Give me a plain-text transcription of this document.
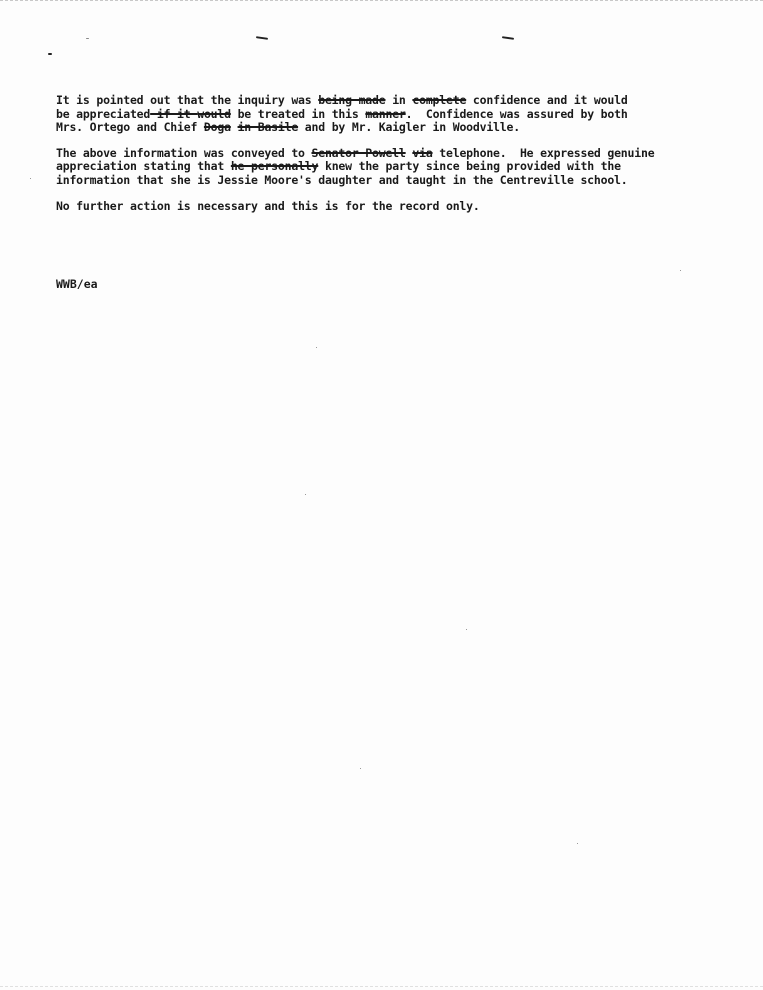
It is pointed out that the inquiry was being made in complete confidence and it would
be appreciated if it would be treated in this manner.  Confidence was assured by both
Mrs. Ortego and Chief Doga in Basile and by Mr. Kaigler in Woodville.
The above information was conveyed to Senator Powell via telephone.  He expressed genuine
appreciation stating that he personally knew the party since being provided with the
information that she is Jessie Moore's daughter and taught in the Centreville school.
No further action is necessary and this is for the record only.
WWB/ea
